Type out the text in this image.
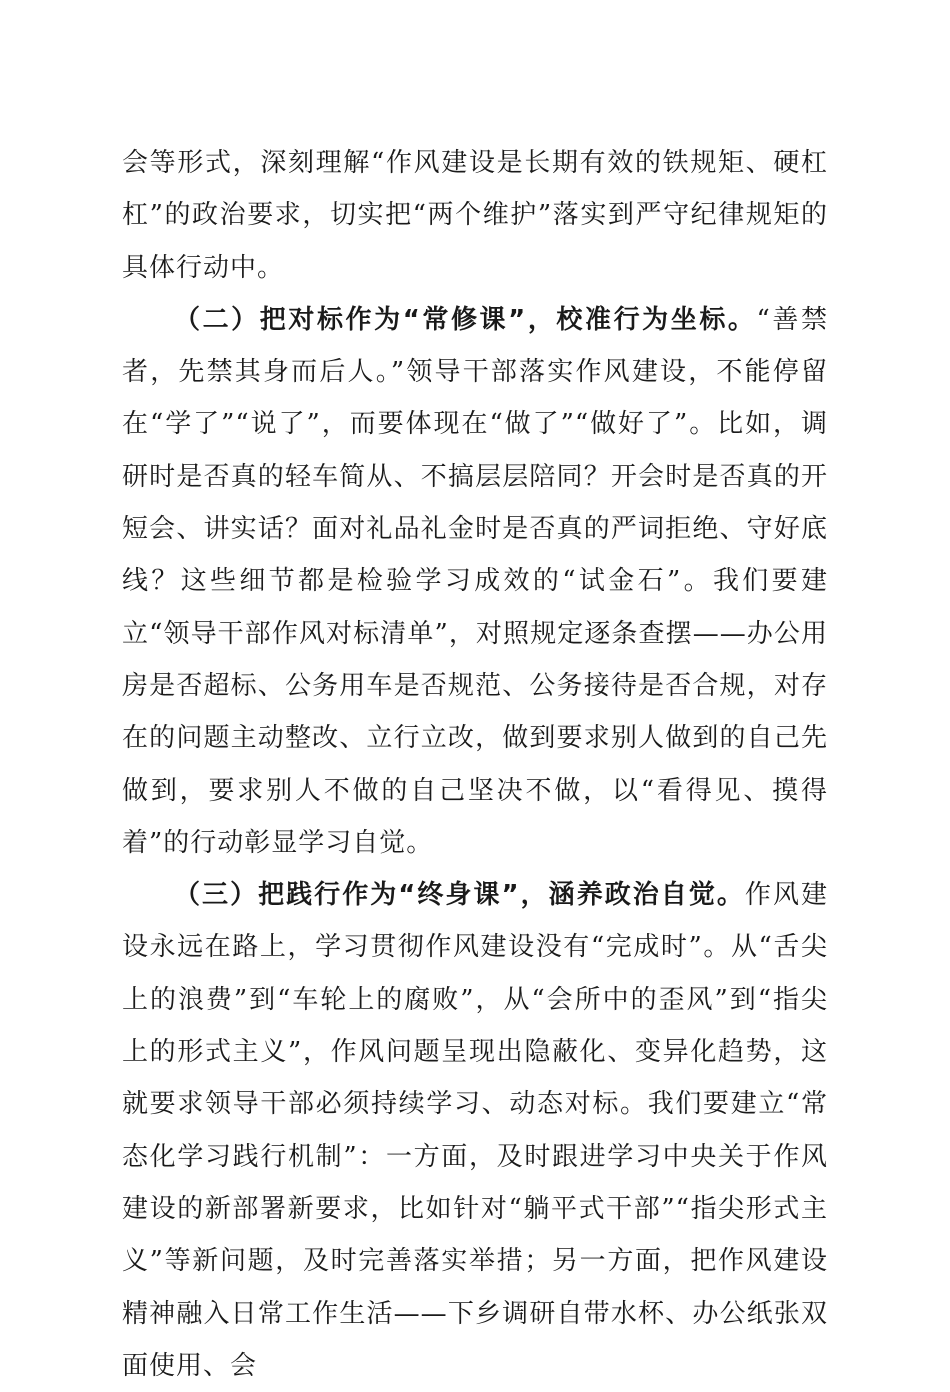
会等形式，深刻理解“作风建设是长期有效的铁规矩、硬杠杠”的政治要求，切实把“两个维护”落实到严守纪律规矩的具体行动中。

（二）把对标作为“常修课”，校准行为坐标。“善禁者，先禁其身而后人。”领导干部落实作风建设，不能停留在“学了”“说了”，而要体现在“做了”“做好了”。比如，调研时是否真的轻车简从、不搞层层陪同？开会时是否真的开短会、讲实话？面对礼品礼金时是否真的严词拒绝、守好底线？这些细节都是检验学习成效的“试金石”。我们要建立“领导干部作风对标清单”，对照规定逐条查摆——办公用房是否超标、公务用车是否规范、公务接待是否合规，对存在的问题主动整改、立行立改，做到要求别人做到的自己先做到，要求别人不做的自己坚决不做，以“看得见、摸得着”的行动彰显学习自觉。

（三）把践行作为“终身课”，涵养政治自觉。作风建设永远在路上，学习贯彻作风建设没有“完成时”。从“舌尖上的浪费”到“车轮上的腐败”，从“会所中的歪风”到“指尖上的形式主义”，作风问题呈现出隐蔽化、变异化趋势，这就要求领导干部必须持续学习、动态对标。我们要建立“常态化学习践行机制”：一方面，及时跟进学习中央关于作风建设的新部署新要求，比如针对“躺平式干部”“指尖形式主义”等新问题，及时完善落实举措；另一方面，把作风建设精神融入日常工作生活——下乡调研自带水杯、办公纸张双面使用、会
